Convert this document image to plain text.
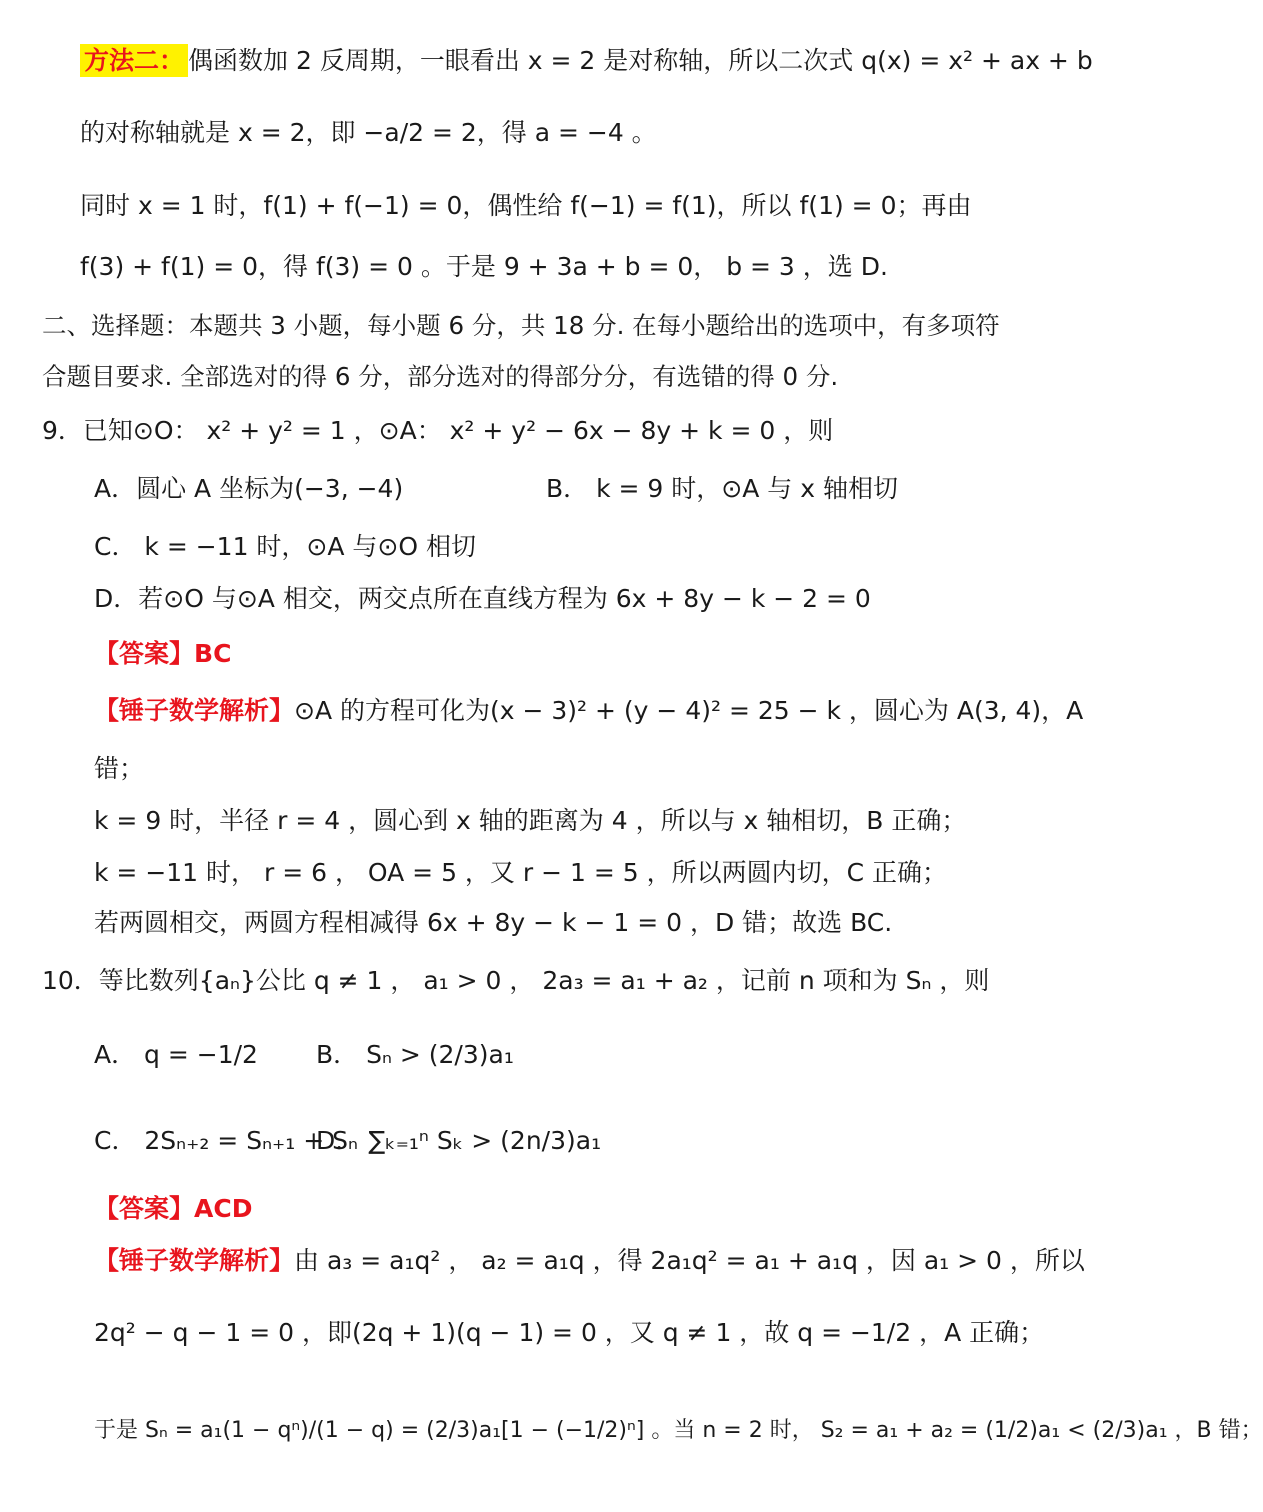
方法二： 偶函数加 2 反周期，一眼看出 x = 2 是对称轴，所以二次式 q(x) = x² + ax + b
的对称轴就是 x = 2，即 −a/2 = 2，得 a = −4 。
同时 x = 1 时，f(1) + f(−1) = 0，偶性给 f(−1) = f(1)，所以 f(1) = 0；再由
f(3) + f(1) = 0，得 f(3) = 0 。于是 9 + 3a + b = 0， b = 3 ，选 D.
二、选择题：本题共 3 小题，每小题 6 分，共 18 分. 在每小题给出的选项中，有多项符
合题目要求. 全部选对的得 6 分，部分选对的得部分分，有选错的得 0 分.
9．已知⊙O： x² + y² = 1 ，⊙A： x² + y² − 6x − 8y + k = 0 ，则
A．圆心 A 坐标为(−3, −4)	B． k = 9 时，⊙A 与 x 轴相切
C． k = −11 时，⊙A 与⊙O 相切
D．若⊙O 与⊙A 相交，两交点所在直线方程为 6x + 8y − k − 2 = 0
【答案】BC
【锤子数学解析】⊙A 的方程可化为(x − 3)² + (y − 4)² = 25 − k ，圆心为 A(3, 4)，A
错；
k = 9 时，半径 r = 4 ，圆心到 x 轴的距离为 4 ，所以与 x 轴相切，B 正确；
k = −11 时， r = 6 ， OA = 5 ，又 r − 1 = 5 ，所以两圆内切，C 正确；
若两圆相交，两圆方程相减得 6x + 8y − k − 1 = 0 ，D 错；故选 BC.
10．等比数列{aₙ}公比 q ≠ 1 ， a₁ > 0 ， 2a₃ = a₁ + a₂ ，记前 n 项和为 Sₙ ，则
A． q = −1/2 B． Sₙ > (2/3)a₁
C． 2Sₙ₊₂ = Sₙ₊₁ + Sₙ
D． ∑ₖ₌₁ⁿ Sₖ > (2n/3)a₁
【答案】ACD
【锤子数学解析】由 a₃ = a₁q² ， a₂ = a₁q ，得 2a₁q² = a₁ + a₁q ，因 a₁ > 0 ，所以
2q² − q − 1 = 0 ，即(2q + 1)(q − 1) = 0 ，又 q ≠ 1 ，故 q = −1/2 ，A 正确；
于是 Sₙ = a₁(1 − qⁿ)/(1 − q) = (2/3)a₁[1 − (−1/2)ⁿ] 。当 n = 2 时， S₂ = a₁ + a₂ = (1/2)a₁ < (2/3)a₁ ，B 错；
